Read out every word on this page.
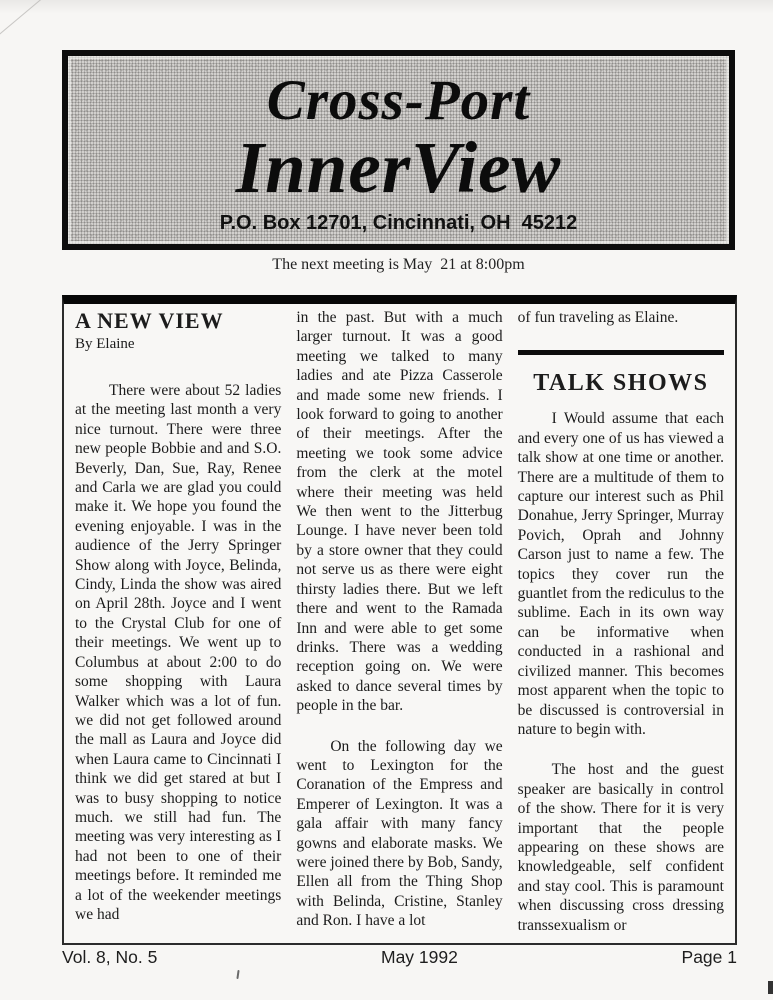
Cross-Port
InnerView
P.O. Box 12701, Cincinnati, OH  45212
The next meeting is May  21 at 8:00pm
A NEW VIEW

By Elaine

There were about 52 ladies at the meeting last month a very nice turnout. There were three new people Bobbie and and S.O. Beverly, Dan, Sue, Ray, Renee and Carla we are glad you could make it. We hope you found the evening enjoyable. I was in the audience of the Jerry Springer Show along with Joyce, Belinda, Cindy, Linda the show was aired on April 28th. Joyce and I went to the Crystal Club for one of their meetings. We went up to Columbus at about 2:00 to do some shopping with Laura Walker which was a lot of fun. we did not get followed around the mall as Laura and Joyce did when Laura came to Cincinnati I think we did get stared at but I was to busy shopping to notice much. we still had fun. The meeting was very interesting as I had not been to one of their meetings before. It reminded me a lot of the weekender meetings we had

in the past. But with a much larger turnout. It was a good meeting we talked to many ladies and ate Pizza Casserole and made some new friends. I look forward to going to another of their meetings. After the meeting we took some advice from the clerk at the motel where their meeting was held We then went to the Jitterbug Lounge. I have never been told by a store owner that they could not serve us as there were eight thirsty ladies there. But we left there and went to the Ramada Inn and were able to get some drinks. There was a wedding reception going on. We were asked to dance several times by people in the bar.

On the following day we went to Lexington for the Coranation of the Empress and Emperer of Lexington. It was a gala affair with many fancy gowns and elaborate masks. We were joined there by Bob, Sandy, Ellen all from the Thing Shop with Belinda, Cristine, Stanley and Ron. I have a lot

of fun traveling as Elaine.

TALK SHOWS

I Would assume that each and every one of us has viewed a talk show at one time or another. There are a multitude of them to capture our interest such as Phil Donahue, Jerry Springer, Murray Povich, Oprah and Johnny Carson just to name a few. The topics they cover run the guantlet from the rediculus to the sublime. Each in its own way can be informative when conducted in a rashional and civilized manner. This becomes most apparent when the topic to be discussed is controversial in nature to begin with.

The host and the guest speaker are basically in control of the show. There for it is very important that the people appearing on these shows are knowledgeable, self confident and stay cool. This is paramount when discussing cross dressing transsexualism or

Vol. 8, No. 5	May 1992	Page 1
